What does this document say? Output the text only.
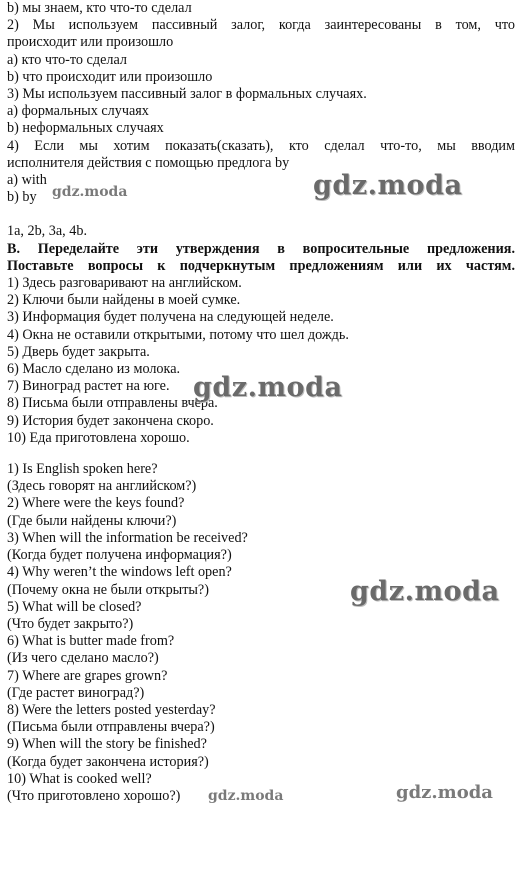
b) мы знаем, кто что-то сделал
2) Мы используем пассивный залог, когда заинтересованы в том, что
происходит или произошло
a) кто что-то сделал
b) что происходит или произошло
3) Мы используем пассивный залог в формальных случаях.
a) формальных случаях
b) неформальных случаях
4) Если мы хотим показать(сказать), кто сделал что-то, мы вводим
исполнителя действия с помощью предлога by
a) with
b) by
1a, 2b, 3a, 4b.
B. Переделайте эти утверждения в вопросительные предложения.
Поставьте вопросы к подчеркнутым предложениям или их частям.
1) Здесь разговаривают на английском.
2) Ключи были найдены в моей сумке.
3) Информация будет получена на следующей неделе.
4) Окна не оставили открытыми, потому что шел дождь.
5) Дверь будет закрыта.
6) Масло сделано из молока.
7) Виноград растет на юге.
8) Письма были отправлены вчера.
9) История будет закончена скоро.
10) Еда приготовлена хорошо.
1) Is English spoken here?
(Здесь говорят на английском?)
2) Where were the keys found?
(Где были найдены ключи?)
3) When will the information be received?
(Когда будет получена информация?)
4) Why weren’t the windows left open?
(Почему окна не были открыты?)
5) What will be closed?
(Что будет закрыто?)
6) What is butter made from?
(Из чего сделано масло?)
7) Where are grapes grown?
(Где растет виноград?)
8) Were the letters posted yesterday?
(Письма были отправлены вчера?)
9) When will the story be finished?
(Когда будет закончена история?)
10) What is cooked well?
(Что приготовлено хорошо?)
gdz.moda	gdz.moda
gdz.moda
gdz.moda
gdz.moda	gdz.moda
